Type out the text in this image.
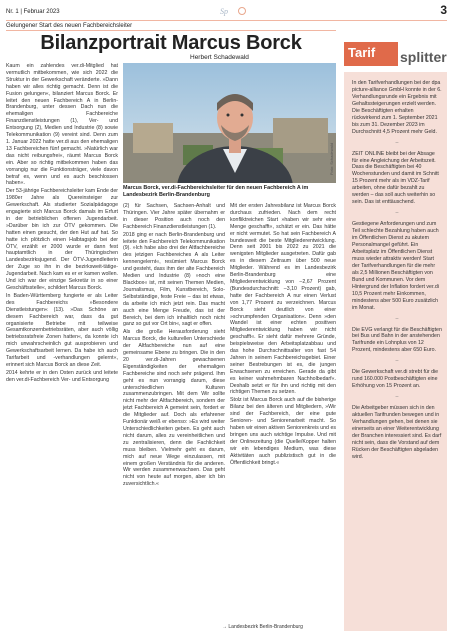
Nr. 1 | Februar 2023	Sp	3
Gelungener Start des neuen Fachbereichsleiter
Bilanzportrait Marcus Borck
Herbert Schadewald

Kaum ein zahlendes ver.di-Mitglied hat vermutlich mitbekommen, wie sich 2022 die Struktur in der Gewerkschaft veränderte. »Dann haben wir alles richtig gemacht. Denn ist die Fusion gelungen«, bilanziert Marcus Borck. Er leitet den neuen Fachbereich A in Berlin-Brandenburg, unter dessen Dach nun die ehemaligen Fachbereiche Finanzdienstleistungen (1), Ver- und Entsorgung (2), Medien und Industrie (8) sowie Telekommunikation (9) vereint sind. Denn zum 1. Januar 2022 hatte ver.di aus den ehemaligen 13 Fachbereichen fünf gemacht. »Natürlich war das nicht reibungsfrei«, räumt Marcus Borck ein. Aber so richtig mitbekommen haben das vorrangig nur die Funktionsträger, viele davon betraf es, wenn und es auch beschlossen haben«.

Der 53-jährige Fachbereichsleiter kam Ende der 1980er Jahre als Quereinsteiger zur Gewerkschaft. Als studierter Sozialpädagoge engagierte sich Marcus Borck damals im Erfurt in der betrieblichen offenen Jugendarbeit. »Darüber bin ich zur ÖTV gekommen. Die hatten einen gesucht, der den Hut auf hat. So hatte ich plötzlich einen Halbtagsjob bei der ÖTV, erzählt er 2000 wurde er dann fest hauptamtlich in der Thüringischen Landesbezirksjugend. Der ÖTV-Jugendleiterin der Zuge so ihn in die bezirksweit-tätige-Jugendarbeit. Nach kam es er er kamen wollen. Und ich war der einzige Sekretär in so einer Geschäftsstelle«, schildert Marcus Borck.

In Baden-Württemberg fungierte er als Leiter des Fachbereichs »Besondere Dienstleistungen« (13). »Das Schöne an diesem Fachbereich war, dass da gut organisierte Betriebe mit teilweise Gesamtkonzernbetriebsräten, aber auch völlig betriebsratsfreie Zonen hatten«, da konnte ich mich unwahrscheinlich gut ausprobieren und Gewerkschaftsarbeit lernen. Da habe ich auch Tarifarbeit und -verhandlungen gelernt«, erinnert sich Marcus Borck an diese Zeit.

2014 kehrte er in den Osten zurück und leitete den ver.di-Fachbereich Ver- und Entsorgung

Foto: Schadewald
Marcus Borck, ver.di-Fachbereichsleiter für den neuen Fachbereich A im Landesbezirk Berlin-Brandenburg

(2) für Sachsen, Sachsen-Anhalt und Thüringen. Vier Jahre später übernahm er in dieser Position auch noch den Fachbereich Finanzdienstleistungen (1).

2018 ging er nach Berlin-Brandenburg und leitete den Fachbereich Telekommunikation (9). »Ich habe also drei der Altfachbereiche des jetzigen Fachbereiches A als Leiter kennengelernt«, resümiert Marcus Borck und gesteht, dass ihm der alte Fachbereich Medien und Industrie (8) »noch eine Blackbox« ist, mit seinen Themen Medien, Journalismus, Film, Kunstbereich, Solo-Selbstständige, feste Freie – das ist etwas, da arbeite ich mich jetzt rein. Das macht auch eine Menge Freude, das ist der Bereich, bei dem ich inhaltlich noch nicht ganz so gut vor Ort bin«, sagt er offen.

Als die große Herausforderung sieht Marcus Borck, die kulturellen Unterschiede der Altfachbereiche nun auf eine gemeinsame Ebene zu bringen. Die in den 20 ver.di-Jahren gewachsenen Eigenständigkeiten der ehemaligen Fachbereiche sind noch sehr prägend. Ihm geht es nun vorrangig darum, diese unterschiedlichen Kulturen zusammenzubringen. Mit dem Wir sollte nicht mehr der Altfachbereich, sondern der jetzt Fachbereich A gemeint sein, fordert er die Mitglieder auf. Doch als erfahrener Funktionär weiß er ebenso: »Es wird weiter Unterschiedlichkeiten geben. Es geht auch nicht darum, alles zu vereinheitlichen und zu zentralisieren, denn die Fachlichkeit muss bleiben. Vielmehr geht es darum, mich auf neue Wege einzulassen, mit einem großen Verständnis für die anderen. Wir werden zusammenwachsen. Das geht nicht von heute auf morgen, aber ich bin zuversichtlich.«

Mit der ersten Jahresbilanz ist Marcus Borck durchaus zufrieden. Nach dem recht konfliktreichen Start »haben wir sehr eine Menge geschafft«, schätzt er ein. Das hätte er nicht vermutet. So hat sein Fachbereich A bundesweit die beste Mitgliederentwicklung. Denn seit 2001 bis 2022 zu 2021 die wenigsten Mitglieder ausgetreten. Dafür gab es in diesem Zeitraum über 500 neue Mitglieder. Während es im Landesbezirk Berlin-Brandenburg eine Mitgliederentwicklung von –2,67 Prozent (Bundesdurchschnitt: –3,10 Prozent) gab, hatte der Fachbereich A nur einen Verlust von 1,77 Prozent zu verzeichnen. Marcus Borck sieht deutlich von einer »schrumpfenden Organisation«. Denn »den Wandel ist einer echten positiven Mitgliederentwicklung haben wir nicht geschafft«. Er sieht dafür mehrere Gründe, beispielsweise den Arbeitsplatzabbau und das hohe Durchschnittsalter von fast 54 Jahren in seinem Fachbereichsgebiet. Einer seiner Bestrebungen ist es, die jungen Erwachsenen zu erreichen. Gerade da gibt es keiner wahrnehmbaren Nachholbedarf«. Deshalb setzt er für ihn und richtig mit den richtigen Themen zu setzen.

Stolz ist Marcus Borck auch auf die bisherige Bilanz bei den älteren und Mitgliedern, »Wir sind der Fachbereich, der eine gute Senioren- und Seniorenarbeit macht. So haben wir einen aktiven Seniorenkreis und es bringen uns auch wichtige Impulse. Und mit der Onlinezeitung (die Quelle/Kopper halten wir ein lebendiges Medium, was diese Aktivitäten auch publizistisch gut in die Öffentlichkeit bringt.«

→ Landesbezirk Berlin-Brandenburg
Tarif splitter

In den Tarifverhandlungen bei der dpa picture-alliance GmbH konnte in der 6. Verhandlungsrunde ein Ergebnis mit Gehaltssteigerungen erzielt werden. Die Beschäftigten erhalten rückwirkend zum 1. September 2021 bis zum 31. Dezember 2023 im Durchschnitt 4,5 Prozent mehr Geld.

–

ZEIT ONLINE bleibt bei der Absage für eine Angleichung der Arbeitszeit. Dass die Beschäftigten bei 40 Wochenstunden und damit im Schnitt 15 Prozent mehr als im VDZ-Tarif arbeiten, ohne dafür bezahlt zu werden – das soll auch weiterhin so sein. Das ist enttäuschend.

–

Gestiegene Anforderungen und zum Teil schlechte Bezahlung haben auch im Öffentlichen Dienst zu akutem Personalmangel geführt. Ein Arbeitsplatz im Öffentlichen Dienst muss wieder attraktiv werden! Start der Tarifverhandlungen für die mehr als 2,5 Millionen Beschäftigten von Bund und Kommunen. Vor dem Hintergrund der Inflation fordert ver.di 10,5 Prozent mehr Einkommen, mindestens aber 500 Euro zusätzlich im Monat.

–

Die EVG verlangt für die Beschäftigten bei Bus und Bahn in der anstehenden Tarifrunde ein Lohnplus von 12 Prozent, mindestens aber 650 Euro.

–

Die Gewerkschaft ver.di strebt für die rund 160.000 Postbeschäftigten eine Erhöhung von 15 Prozent an.

–

Die Arbeitgeber müssen sich in den aktuellen Tarifrunden bewegen und in Verhandlungen gehen, bei denen sie einerseits an einer Weiterentwicklung der Branchen interessiert sind. Es darf nicht sein, dass die Vorstand auf dem Rücken der Beschäftigten abgeladen wird.
